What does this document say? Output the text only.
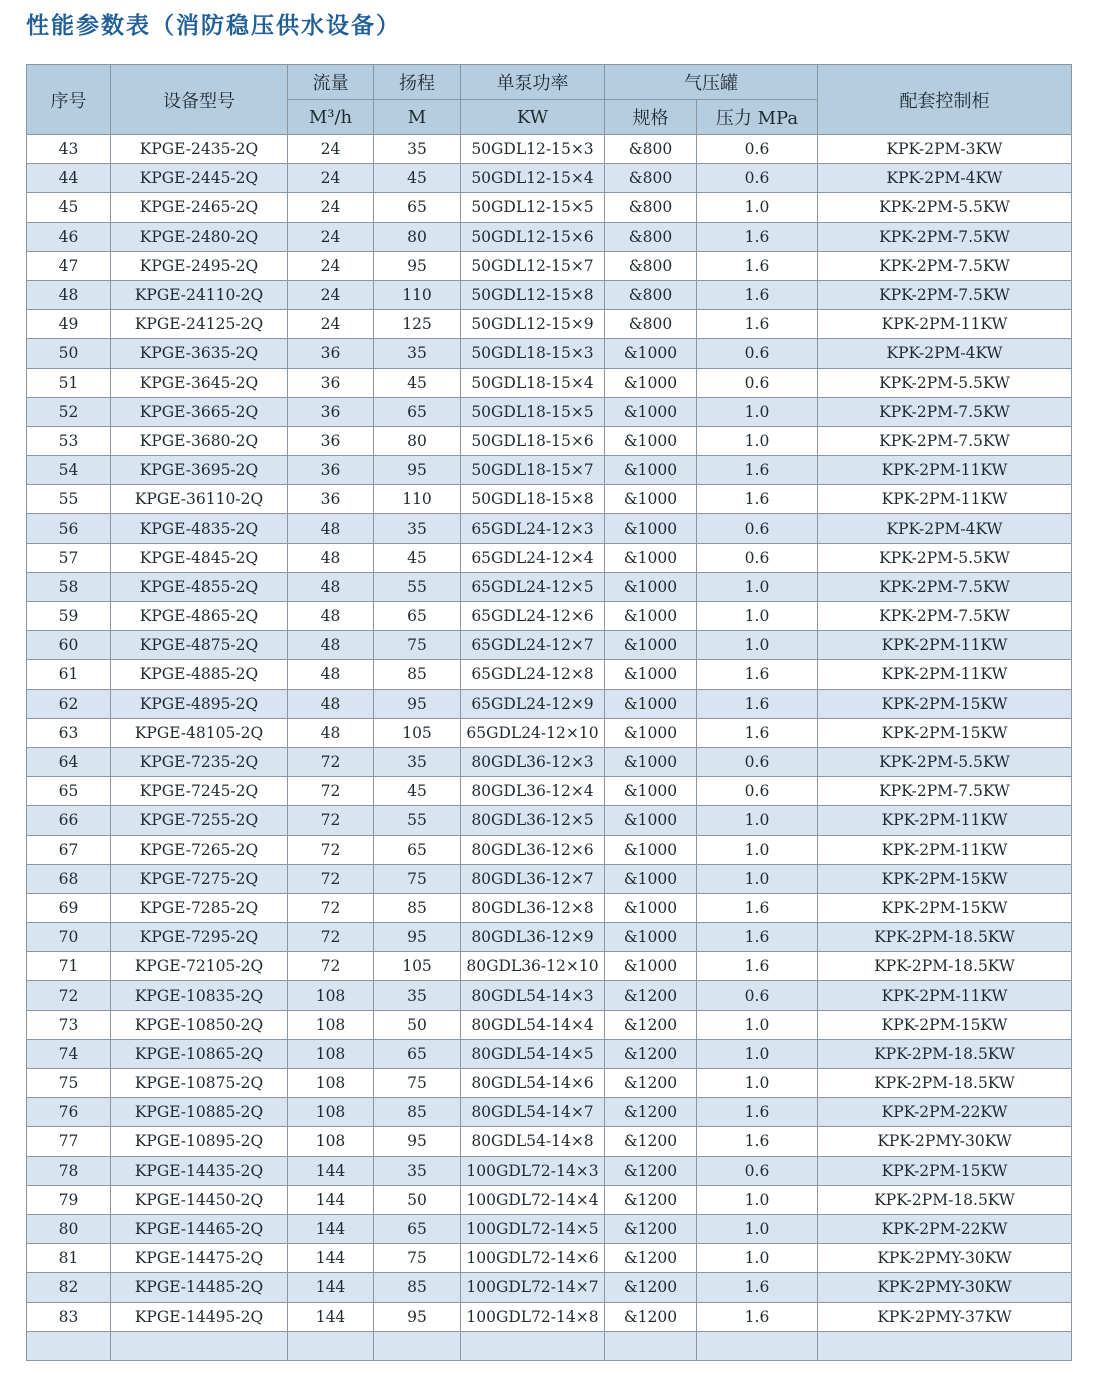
性能参数表（消防稳压供水设备）
序号	设备型号	流量	扬程	单泵功率	气压罐		配套控制柜
		M³/h	M	KW	规格	压力 MPa	
43	KPGE-2435-2Q	24	35	50GDL12-15×3	&800	0.6	KPK-2PM-3KW
44	KPGE-2445-2Q	24	45	50GDL12-15×4	&800	0.6	KPK-2PM-4KW
45	KPGE-2465-2Q	24	65	50GDL12-15×5	&800	1.0	KPK-2PM-5.5KW
46	KPGE-2480-2Q	24	80	50GDL12-15×6	&800	1.6	KPK-2PM-7.5KW
47	KPGE-2495-2Q	24	95	50GDL12-15×7	&800	1.6	KPK-2PM-7.5KW
48	KPGE-24110-2Q	24	110	50GDL12-15×8	&800	1.6	KPK-2PM-7.5KW
49	KPGE-24125-2Q	24	125	50GDL12-15×9	&800	1.6	KPK-2PM-11KW
50	KPGE-3635-2Q	36	35	50GDL18-15×3	&1000	0.6	KPK-2PM-4KW
51	KPGE-3645-2Q	36	45	50GDL18-15×4	&1000	0.6	KPK-2PM-5.5KW
52	KPGE-3665-2Q	36	65	50GDL18-15×5	&1000	1.0	KPK-2PM-7.5KW
53	KPGE-3680-2Q	36	80	50GDL18-15×6	&1000	1.0	KPK-2PM-7.5KW
54	KPGE-3695-2Q	36	95	50GDL18-15×7	&1000	1.6	KPK-2PM-11KW
55	KPGE-36110-2Q	36	110	50GDL18-15×8	&1000	1.6	KPK-2PM-11KW
56	KPGE-4835-2Q	48	35	65GDL24-12×3	&1000	0.6	KPK-2PM-4KW
57	KPGE-4845-2Q	48	45	65GDL24-12×4	&1000	0.6	KPK-2PM-5.5KW
58	KPGE-4855-2Q	48	55	65GDL24-12×5	&1000	1.0	KPK-2PM-7.5KW
59	KPGE-4865-2Q	48	65	65GDL24-12×6	&1000	1.0	KPK-2PM-7.5KW
60	KPGE-4875-2Q	48	75	65GDL24-12×7	&1000	1.0	KPK-2PM-11KW
61	KPGE-4885-2Q	48	85	65GDL24-12×8	&1000	1.6	KPK-2PM-11KW
62	KPGE-4895-2Q	48	95	65GDL24-12×9	&1000	1.6	KPK-2PM-15KW
63	KPGE-48105-2Q	48	105	65GDL24-12×10	&1000	1.6	KPK-2PM-15KW
64	KPGE-7235-2Q	72	35	80GDL36-12×3	&1000	0.6	KPK-2PM-5.5KW
65	KPGE-7245-2Q	72	45	80GDL36-12×4	&1000	0.6	KPK-2PM-7.5KW
66	KPGE-7255-2Q	72	55	80GDL36-12×5	&1000	1.0	KPK-2PM-11KW
67	KPGE-7265-2Q	72	65	80GDL36-12×6	&1000	1.0	KPK-2PM-11KW
68	KPGE-7275-2Q	72	75	80GDL36-12×7	&1000	1.0	KPK-2PM-15KW
69	KPGE-7285-2Q	72	85	80GDL36-12×8	&1000	1.6	KPK-2PM-15KW
70	KPGE-7295-2Q	72	95	80GDL36-12×9	&1000	1.6	KPK-2PM-18.5KW
71	KPGE-72105-2Q	72	105	80GDL36-12×10	&1000	1.6	KPK-2PM-18.5KW
72	KPGE-10835-2Q	108	35	80GDL54-14×3	&1200	0.6	KPK-2PM-11KW
73	KPGE-10850-2Q	108	50	80GDL54-14×4	&1200	1.0	KPK-2PM-15KW
74	KPGE-10865-2Q	108	65	80GDL54-14×5	&1200	1.0	KPK-2PM-18.5KW
75	KPGE-10875-2Q	108	75	80GDL54-14×6	&1200	1.0	KPK-2PM-18.5KW
76	KPGE-10885-2Q	108	85	80GDL54-14×7	&1200	1.6	KPK-2PM-22KW
77	KPGE-10895-2Q	108	95	80GDL54-14×8	&1200	1.6	KPK-2PMY-30KW
78	KPGE-14435-2Q	144	35	100GDL72-14×3	&1200	0.6	KPK-2PM-15KW
79	KPGE-14450-2Q	144	50	100GDL72-14×4	&1200	1.0	KPK-2PM-18.5KW
80	KPGE-14465-2Q	144	65	100GDL72-14×5	&1200	1.0	KPK-2PM-22KW
81	KPGE-14475-2Q	144	75	100GDL72-14×6	&1200	1.0	KPK-2PMY-30KW
82	KPGE-14485-2Q	144	85	100GDL72-14×7	&1200	1.6	KPK-2PMY-30KW
83	KPGE-14495-2Q	144	95	100GDL72-14×8	&1200	1.6	KPK-2PMY-37KW
